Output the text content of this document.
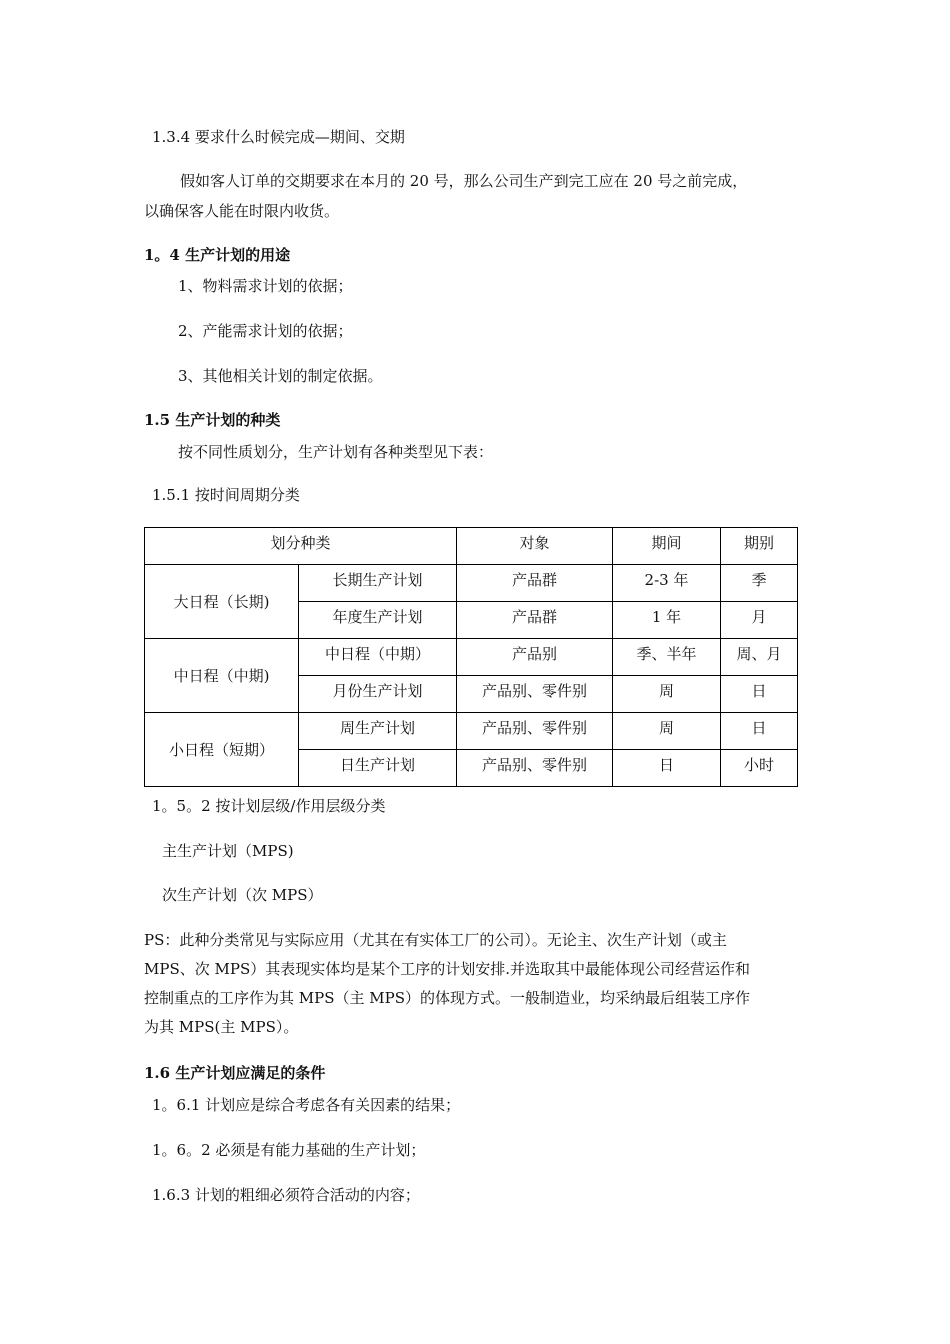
1.3.4 要求什么时候完成—期间、交期
假如客人订单的交期要求在本月的 20 号，那么公司生产到完工应在 20 号之前完成，
以确保客人能在时限内收货。
1。4 生产计划的用途
1、物料需求计划的依据；
2、产能需求计划的依据；
3、其他相关计划的制定依据。
1.5 生产计划的种类
按不同性质划分，生产计划有各种类型见下表：
1.5.1 按时间周期分类
划分种类		对象	期间	期别
大日程（长期)	长期生产计划	产品群	2-3 年	季
	年度生产计划	产品群	1 年	月
中日程（中期)	中日程（中期）	产品别	季、半年	周、月
	月份生产计划	产品别、零件别	周	日
小日程（短期）	周生产计划	产品别、零件别	周	日
	日生产计划	产品别、零件别	日	小时
1。5。2 按计划层级/作用层级分类
主生产计划（MPS)
次生产计划（次 MPS）
PS：此种分类常见与实际应用（尤其在有实体工厂的公司）。无论主、次生产计划（或主
MPS、次 MPS）其表现实体均是某个工序的计划安排.并选取其中最能体现公司经营运作和
控制重点的工序作为其 MPS（主 MPS）的体现方式。一般制造业，均采纳最后组装工序作
为其 MPS(主 MPS）。
1.6 生产计划应满足的条件
1。6.1 计划应是综合考虑各有关因素的结果；
1。6。2 必须是有能力基础的生产计划；
1.6.3 计划的粗细必须符合活动的内容；
